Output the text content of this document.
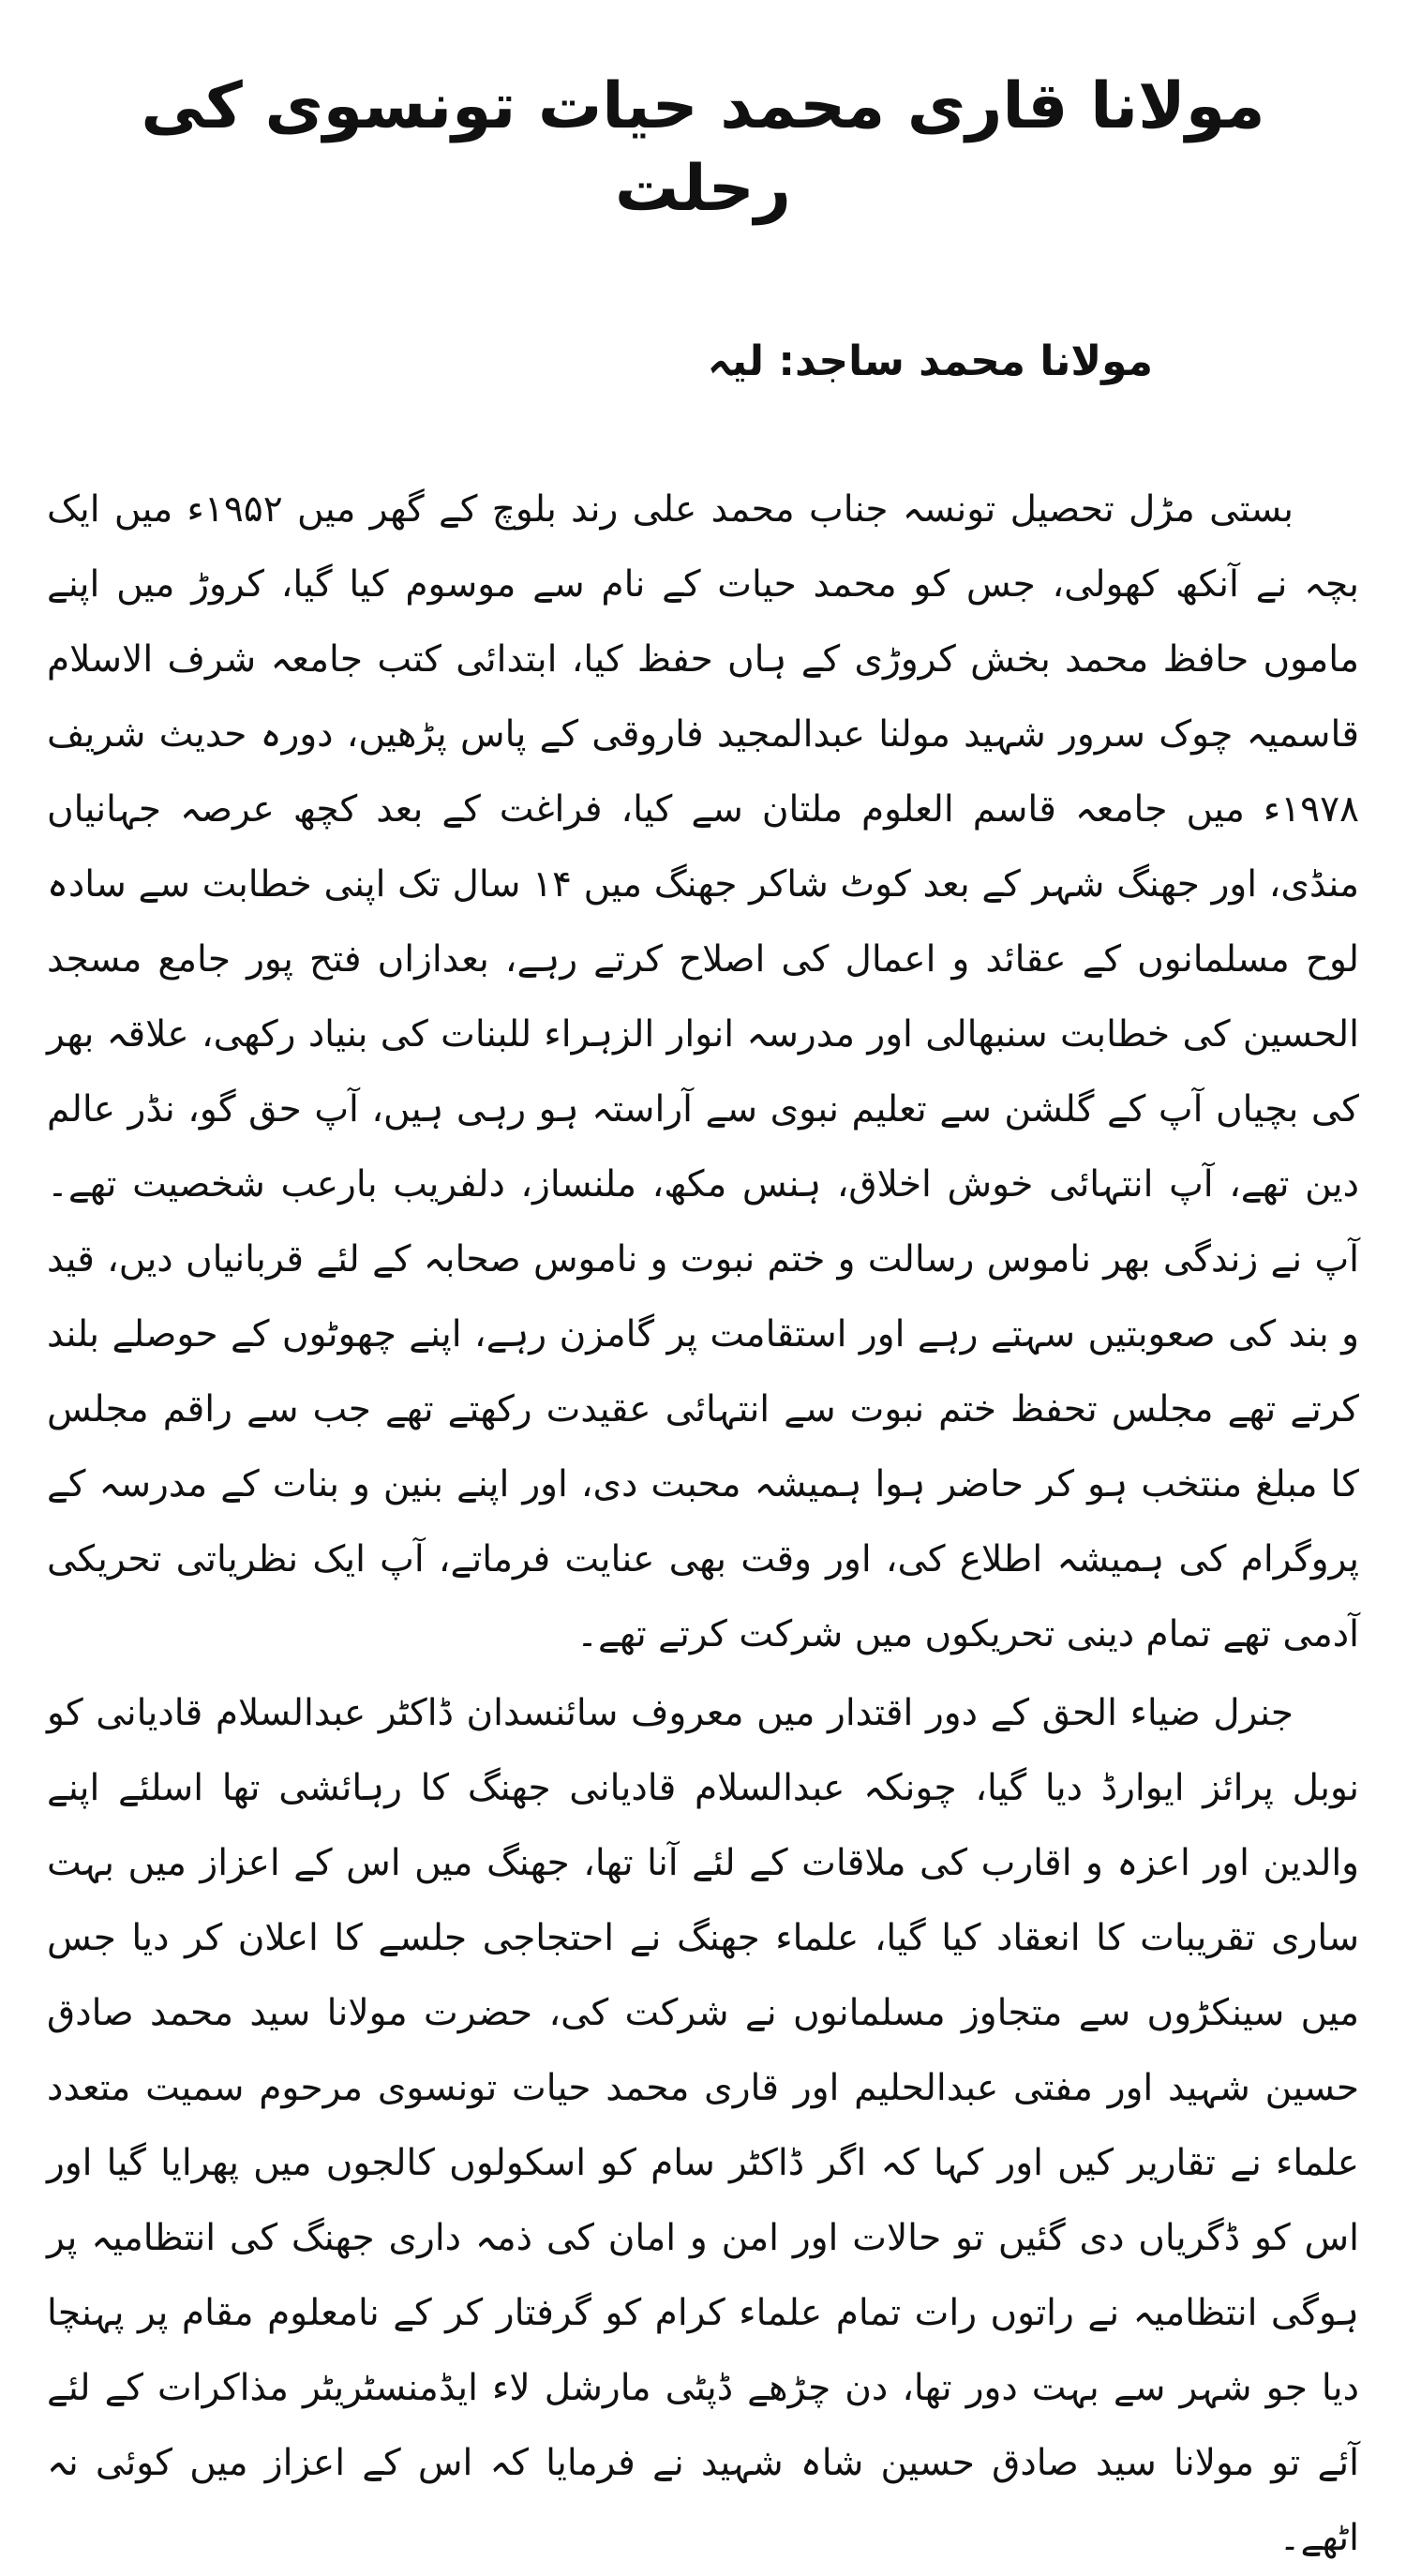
مولانا قاری محمد حیات تونسوی کی رحلت
مولانا محمد ساجد: لیہ

بستی مڑل تحصیل تونسہ جناب محمد علی رند بلوچ کے گھر میں ۱۹۵۲ء میں ایک بچہ نے آنکھ کھولی، جس کو محمد حیات کے نام سے موسوم کیا گیا، کروڑ میں اپنے ماموں حافظ محمد بخش کروڑی کے ہاں حفظ کیا، ابتدائی کتب جامعہ شرف الاسلام قاسمیہ چوک سرور شہید مولنا عبدالمجید فاروقی کے پاس پڑھیں، دورہ حدیث شریف ۱۹۷۸ء میں جامعہ قاسم العلوم ملتان سے کیا، فراغت کے بعد کچھ عرصہ جہانیاں منڈی، اور جھنگ شہر کے بعد کوٹ شاکر جھنگ میں ۱۴ سال تک اپنی خطابت سے سادہ لوح مسلمانوں کے عقائد و اعمال کی اصلاح کرتے رہے، بعدازاں فتح پور جامع مسجد الحسین کی خطابت سنبھالی اور مدرسہ انوار الزہراء للبنات کی بنیاد رکھی، علاقہ بھر کی بچیاں آپ کے گلشن سے تعلیم نبوی سے آراستہ ہو رہی ہیں، آپ حق گو، نڈر عالم دین تھے، آپ انتہائی خوش اخلاق، ہنس مکھ، ملنساز، دلفریب بارعب شخصیت تھے۔ آپ نے زندگی بھر ناموس رسالت و ختم نبوت و ناموس صحابہ کے لئے قربانیاں دیں، قید و بند کی صعوبتیں سہتے رہے اور استقامت پر گامزن رہے، اپنے چھوٹوں کے حوصلے بلند کرتے تھے مجلس تحفظ ختم نبوت سے انتہائی عقیدت رکھتے تھے جب سے راقم مجلس کا مبلغ منتخب ہو کر حاضر ہوا ہمیشہ محبت دی، اور اپنے بنین و بنات کے مدرسہ کے پروگرام کی ہمیشہ اطلاع کی، اور وقت بھی عنایت فرماتے، آپ ایک نظریاتی تحریکی آدمی تھے تمام دینی تحریکوں میں شرکت کرتے تھے۔

جنرل ضیاء الحق کے دور اقتدار میں معروف سائنسدان ڈاکٹر عبدالسلام قادیانی کو نوبل پرائز ایوارڈ دیا گیا، چونکہ عبدالسلام قادیانی جھنگ کا رہائشی تھا اسلئے اپنے والدین اور اعزہ و اقارب کی ملاقات کے لئے آنا تھا، جھنگ میں اس کے اعزاز میں بہت ساری تقریبات کا انعقاد کیا گیا، علماء جھنگ نے احتجاجی جلسے کا اعلان کر دیا جس میں سینکڑوں سے متجاوز مسلمانوں نے شرکت کی، حضرت مولانا سید محمد صادق حسین شہید اور مفتی عبدالحلیم اور قاری محمد حیات تونسوی مرحوم سمیت متعدد علماء نے تقاریر کیں اور کہا کہ اگر ڈاکٹر سام کو اسکولوں کالجوں میں پھرایا گیا اور اس کو ڈگریاں دی گئیں تو حالات اور امن و امان کی ذمہ داری جھنگ کی انتظامیہ پر ہوگی انتظامیہ نے راتوں رات تمام علماء کرام کو گرفتار کر کے نامعلوم مقام پر پہنچا دیا جو شہر سے بہت دور تھا، دن چڑھے ڈپٹی مارشل لاء ایڈمنسٹریٹر مذاکرات کے لئے آئے تو مولانا سید صادق حسین شاہ شہید نے فرمایا کہ اس کے اعزاز میں کوئی نہ اٹھے۔
